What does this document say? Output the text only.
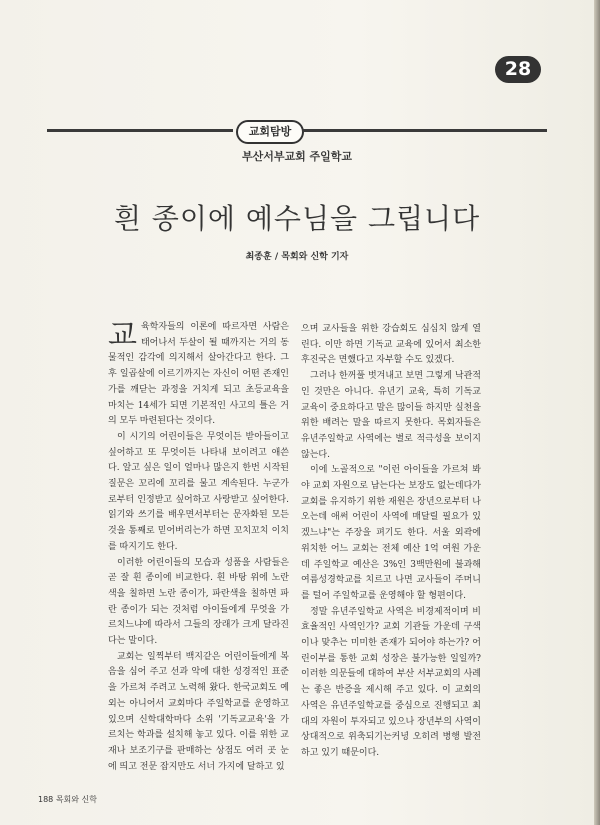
28
교회탐방
부산서부교회 주일학교
흰 종이에 예수님을 그립니다
최종훈 / 목회와 신학 기자

교육학자들의 이론에 따르자면 사람은 태어나서 두살이 될 때까지는 거의 동물적인 감각에 의지해서 살아간다고 한다. 그 후 일곱살에 이르기까지는 자신이 어떤 존재인가를 깨닫는 과정을 거치게 되고 초등교육을 마치는 14세가 되면 기본적인 사고의 틀은 거의 모두 마련된다는 것이다.

이 시기의 어린이들은 무엇이든 받아들이고 싶어하고 또 무엇이든 나타내 보이려고 애쓴다. 알고 싶은 일이 얼마나 많은지 한번 시작된 질문은 꼬리에 꼬리를 물고 계속된다. 누군가로부터 인정받고 싶어하고 사랑받고 싶어한다. 읽기와 쓰기를 배우면서부터는 문자화된 모든 것을 통째로 믿어버리는가 하면 꼬치꼬치 이치를 따지기도 한다.

이러한 어린이들의 모습과 성품을 사람들은 곧 잘 흰 종이에 비교한다. 흰 바탕 위에 노란색을 칠하면 노란 종이가, 파란색을 칠하면 파란 종이가 되는 것처럼 아이들에게 무엇을 가르치느냐에 따라서 그들의 장래가 크게 달라진다는 말이다.

교회는 일찍부터 백지같은 어린이들에게 복음을 심어 주고 선과 악에 대한 성경적인 표준을 가르쳐 주려고 노력해 왔다. 한국교회도 예외는 아니어서 교회마다 주일학교를 운영하고 있으며 신학대학마다 소위 '기독교교육'을 가르치는 학과를 설치해 놓고 있다. 이를 위한 교재나 보조기구를 판매하는 상점도 여러 곳 눈에 띄고 전문 잡지만도 서너 가지에 달하고 있

으며 교사들을 위한 강습회도 심심치 않게 열린다. 이만 하면 기독교 교육에 있어서 최소한 후진국은 면했다고 자부할 수도 있겠다.

그러나 한꺼풀 벗겨내고 보면 그렇게 낙관적인 것만은 아니다. 유년기 교육, 특히 기독교 교육이 중요하다고 말은 많이들 하지만 실천을 위한 배려는 말을 따르지 못한다. 목회자들은 유년주일학교 사역에는 별로 적극성을 보이지 않는다.

이에 노골적으로 "이런 아이들을 가르쳐 봐야 교회 자원으로 남는다는 보장도 없는데다가 교회를 유지하기 위한 재원은 장년으로부터 나오는데 애써 어린이 사역에 매달릴 필요가 있겠느냐"는 주장을 펴기도 한다. 서울 외곽에 위치한 어느 교회는 전체 예산 1억 여원 가운데 주일학교 예산은 3%인 3백만원에 불과해 여름성경학교를 치르고 나면 교사들이 주머니를 털어 주일학교를 운영해야 할 형편이다.

정말 유년주일학교 사역은 비경제적이며 비효율적인 사역인가? 교회 기관들 가운데 구색이나 맞추는 미미한 존재가 되어야 하는가? 어린이부를 통한 교회 성장은 불가능한 일일까? 이러한 의문들에 대하여 부산 서부교회의 사례는 좋은 반증을 제시해 주고 있다. 이 교회의 사역은 유년주일학교를 중심으로 진행되고 최대의 자원이 투자되고 있으나 장년부의 사역이 상대적으로 위축되기는커녕 오히려 병행 발전하고 있기 때문이다.

188 목회와 신학
